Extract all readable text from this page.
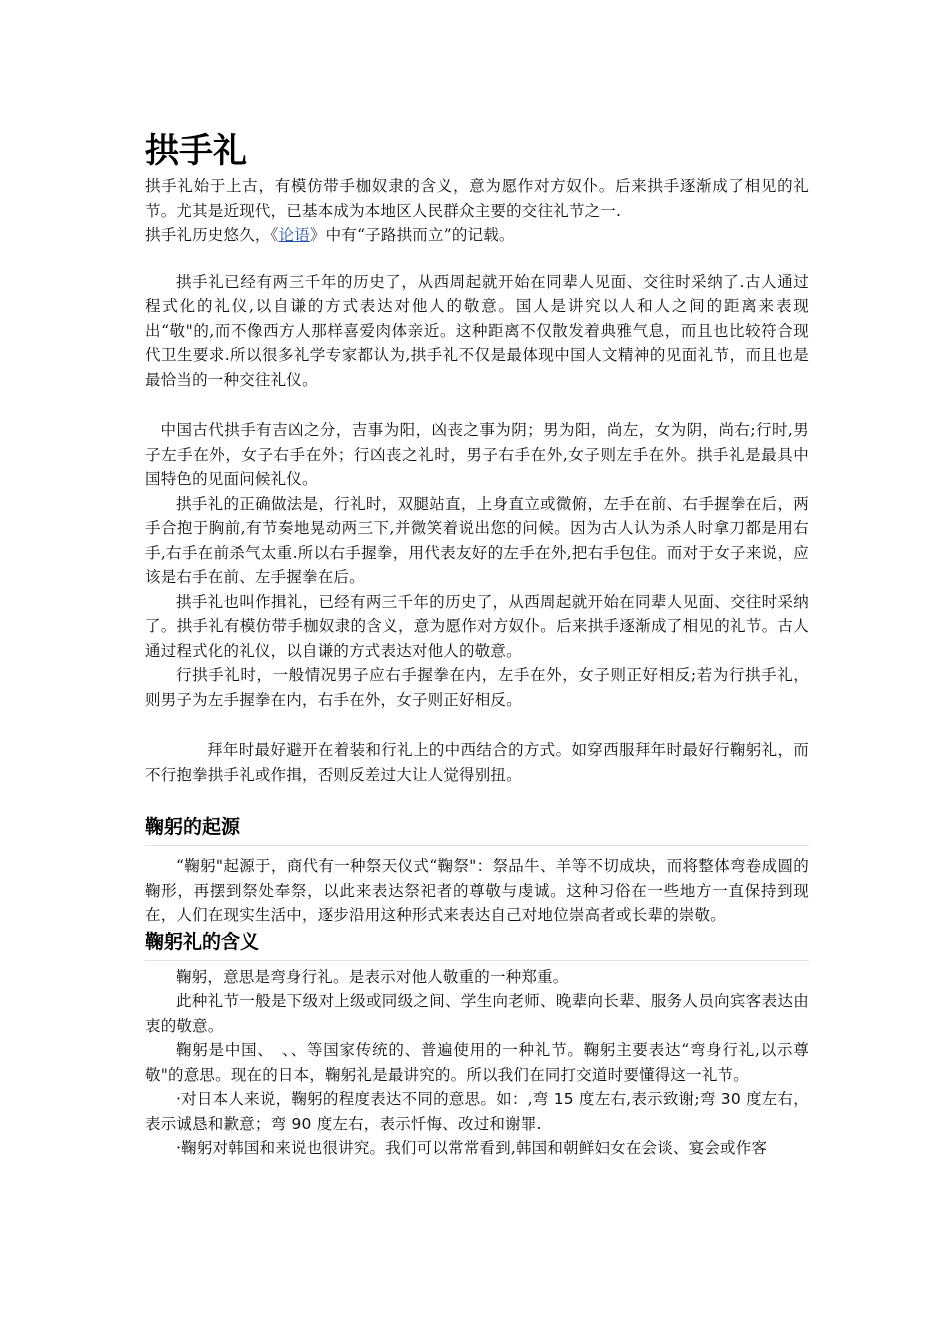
拱手礼

拱手礼始于上古，有模仿带手枷奴隶的含义，意为愿作对方奴仆。后来拱手逐渐成了相见的礼节。尤其是近现代，已基本成为本地区人民群众主要的交往礼节之一.

拱手礼历史悠久，《论语》中有“子路拱而立”的记载。

拱手礼已经有两三千年的历史了，从西周起就开始在同辈人见面、交往时采纳了.古人通过程式化的礼仪,以自谦的方式表达对他人的敬意。国人是讲究以人和人之间的距离来表现出“敬"的,而不像西方人那样喜爱肉体亲近。这种距离不仅散发着典雅气息，而且也比较符合现代卫生要求.所以很多礼学专家都认为,拱手礼不仅是最体现中国人文精神的见面礼节，而且也是最恰当的一种交往礼仪。

中国古代拱手有吉凶之分，吉事为阳，凶丧之事为阴；男为阳，尚左，女为阴，尚右;行时,男子左手在外，女子右手在外；行凶丧之礼时，男子右手在外,女子则左手在外。拱手礼是最具中国特色的见面问候礼仪。

拱手礼的正确做法是，行礼时，双腿站直，上身直立或微俯，左手在前、右手握拳在后，两手合抱于胸前,有节奏地晃动两三下,并微笑着说出您的问候。因为古人认为杀人时拿刀都是用右手,右手在前杀气太重.所以右手握拳，用代表友好的左手在外,把右手包住。而对于女子来说，应该是右手在前、左手握拳在后。

拱手礼也叫作揖礼，已经有两三千年的历史了，从西周起就开始在同辈人见面、交往时采纳了。拱手礼有模仿带手枷奴隶的含义，意为愿作对方奴仆。后来拱手逐渐成了相见的礼节。古人通过程式化的礼仪，以自谦的方式表达对他人的敬意。

行拱手礼时，一般情况男子应右手握拳在内，左手在外，女子则正好相反;若为行拱手礼，则男子为左手握拳在内，右手在外，女子则正好相反。

拜年时最好避开在着装和行礼上的中西结合的方式。如穿西服拜年时最好行鞠躬礼，而不行抱拳拱手礼或作揖，否则反差过大让人觉得别扭。

鞠躬的起源

“鞠躬"起源于，商代有一种祭天仪式“鞠祭"：祭品牛、羊等不切成块，而将整体弯卷成圆的鞠形，再摆到祭处奉祭，以此来表达祭祀者的尊敬与虔诚。这种习俗在一些地方一直保持到现在，人们在现实生活中，逐步沿用这种形式来表达自己对地位崇高者或长辈的崇敬。

鞠躬礼的含义

鞠躬，意思是弯身行礼。是表示对他人敬重的一种郑重。

此种礼节一般是下级对上级或同级之间、学生向老师、晚辈向长辈、服务人员向宾客表达由衷的敬意。

鞠躬是中国、　、、等国家传统的、普遍使用的一种礼节。鞠躬主要表达“弯身行礼,以示尊敬"的意思。现在的日本，鞠躬礼是最讲究的。所以我们在同打交道时要懂得这一礼节。

·对日本人来说，鞠躬的程度表达不同的意思。如：,弯 15 度左右,表示致谢;弯 30 度左右，表示诚恳和歉意；弯 90 度左右，表示忏悔、改过和谢罪.

·鞠躬对韩国和来说也很讲究。我们可以常常看到,韩国和朝鲜妇女在会谈、宴会或作客
